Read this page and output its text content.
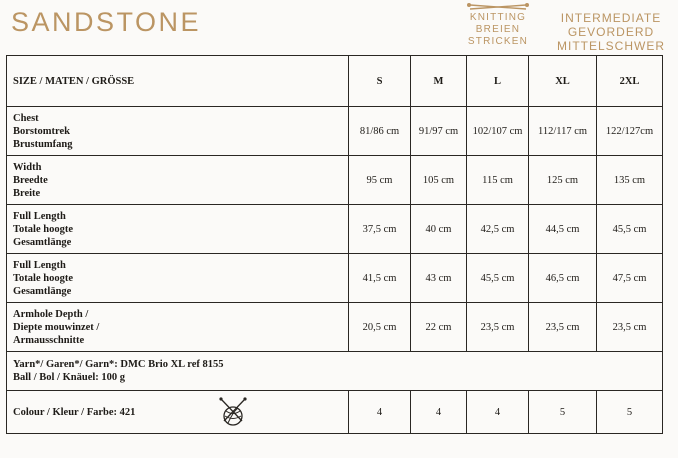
SANDSTONE	KNITTING
BREIEN
STRICKEN
INTERMEDIATE
GEVORDERD
MITTELSCHWER
SIZE / MATEN / GRÖSSE	S	M	L	XL	2XL

Chest
Borstomtrek
Brustumfang	81/86 cm	91/97 cm	102/107 cm	112/117 cm	122/127cm

Width
Breedte
Breite	95 cm	105 cm	115 cm	125 cm	135 cm

Full Length
Totale hoogte
Gesamtlänge	37,5 cm	40 cm	42,5 cm	44,5 cm	45,5 cm

Full Length
Totale hoogte
Gesamtlänge	41,5 cm	43 cm	45,5 cm	46,5 cm	47,5 cm

Armhole Depth /
Diepte mouwinzet /
Armausschnitte	20,5 cm	22 cm	23,5 cm	23,5 cm	23,5 cm

Yarn*/ Garen*/ Garn*: DMC Brio XL ref 8155
Ball / Bol / Knäuel: 100 g					

Colour / Kleur / Farbe: 421	4	4	4	5	5
